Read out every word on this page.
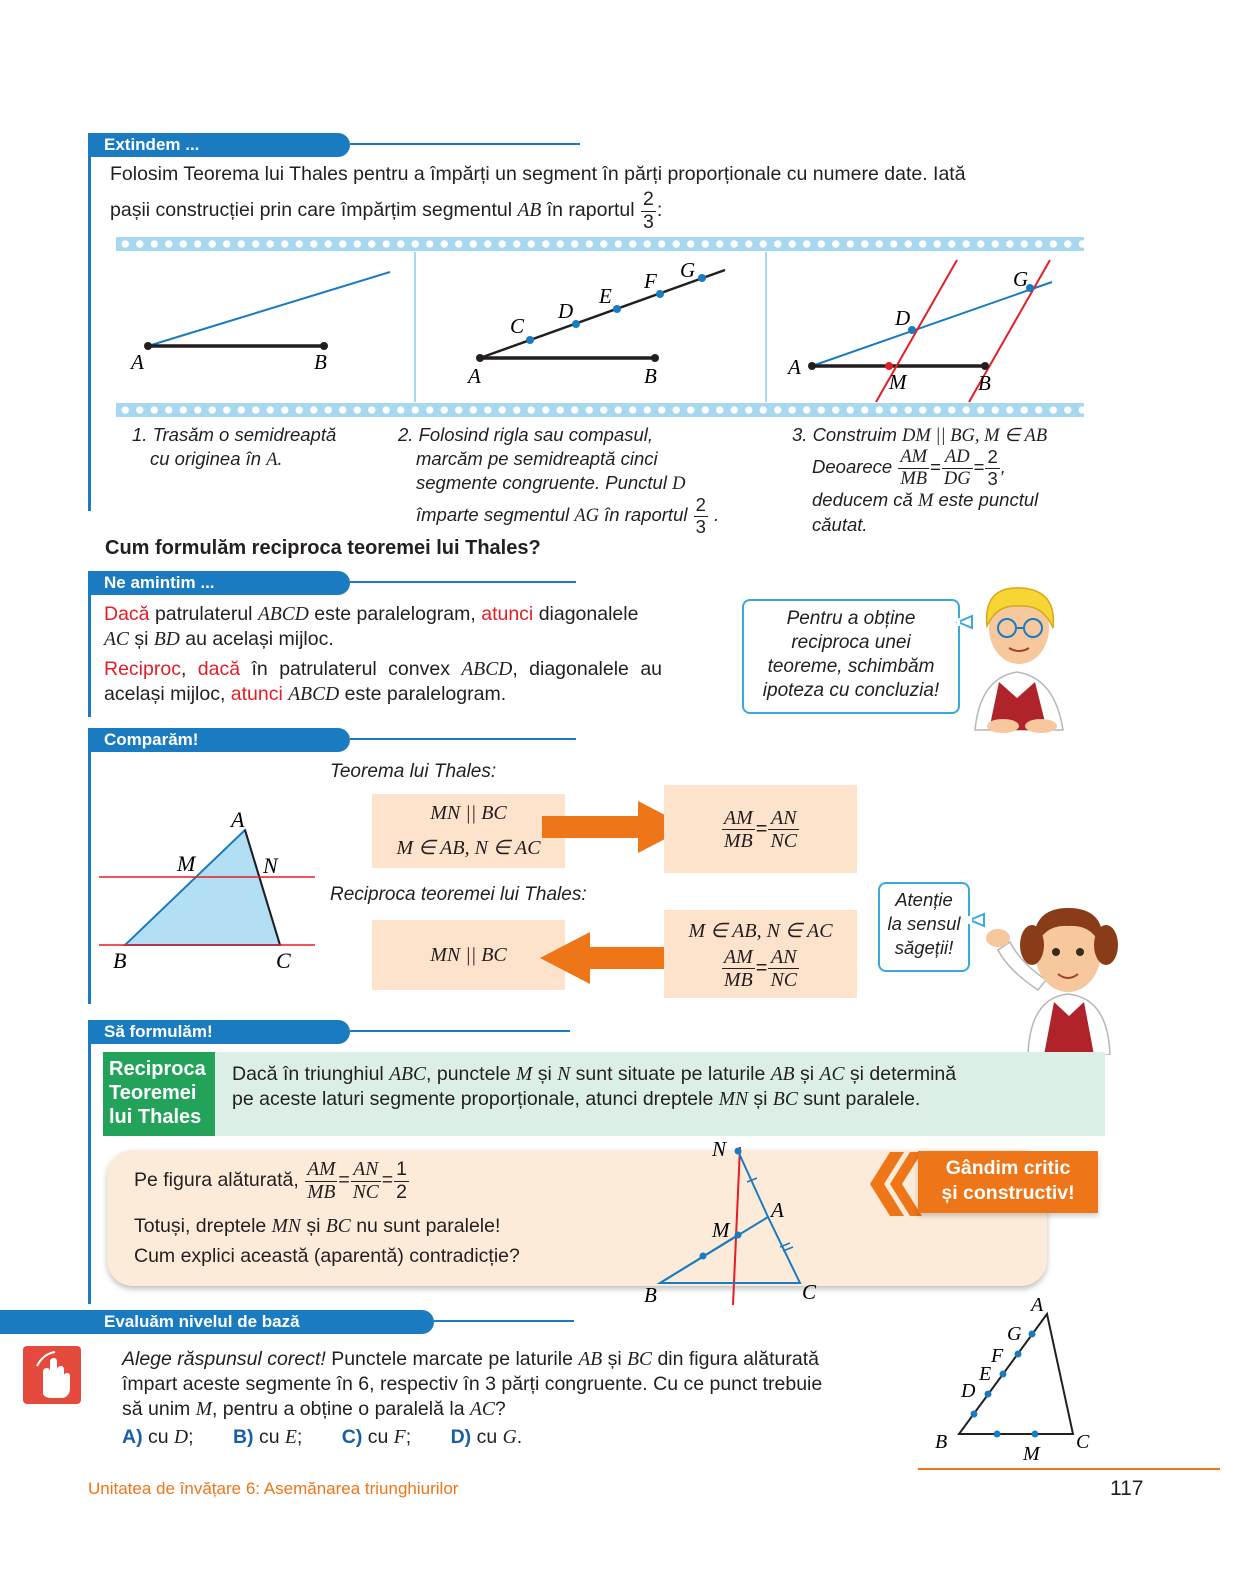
Extindem ...
Folosim Teorema lui Thales pentru a împărți un segment în părți proporționale cu numere date. Iată
pașii construcției prin care împărțim segmentul AB în raportul $\frac{2}{3}$ :
A	B
A	B
C
D
E
F G
A
B
D
G
M
1. Trasăm o semidreaptă
cu originea în A.
2. Folosind rigla sau compasul,
marcăm pe semidreaptă cinci
segmente congruente. Punctul D
împarte segmentul AG în raportul $\frac{2}{3}$ .
3. Construim DM || BG, M ∈ AB
Deoarece $\frac{AM}{MB} = \frac{AD}{DG} = \frac{2}{3}$ ,
deducem că M este punctul
căutat.
Cum formulăm reciproca teoremei lui Thales?
Ne amintim ...
Dacă patrulaterul ABCD este paralelogram, atunci diagonalele
AC și BD au același mijloc.
Reciproc, dacă în patrulaterul convex ABCD, diagonalele au
același mijloc, atunci ABCD este paralelogram.
Pentru a obține
reciproca unei
teoreme, schimbăm
ipoteza cu concluzia!
Comparăm!
A
M	N
B	C
Teorema lui Thales:
MN || BC
M ∈ AB, N ∈ AC	$\frac{AM}{MB} = \frac{AN}{NC}$
Reciproca teoremei lui Thales:
MN || BC
M ∈ AB, N ∈ AC
$\frac{AM}{MB} = \frac{AN}{NC}$
Atenție
la sensul
săgeții!
Să formulăm!
Reciproca
Teoremei
lui Thales
Dacă în triunghiul ABC, punctele M și N sunt situate pe laturile AB și AC și determină
pe aceste laturi segmente proporționale, atunci dreptele MN și BC sunt paralele.
Pe figura alăturată, $\frac{AM}{MB} = \frac{AN}{NC} = \frac{1}{2}$
Totuși, dreptele MN și BC nu sunt paralele!
Cum explici această (aparentă) contradicție?
N
A
M
B	C
Gândim critic
și constructiv!
Evaluăm nivelul de bază
Alege răspunsul corect! Punctele marcate pe laturile AB și BC din figura alăturată
împart aceste segmente în 6, respectiv în 3 părți congruente. Cu ce punct trebuie
să unim M, pentru a obține o paralelă la AC?
A) cu D; B) cu E; C) cu F; D) cu G.
A
G
F
E
D
B	C
M
Unitatea de învățare 6: Asemănarea triunghiurilor	117
